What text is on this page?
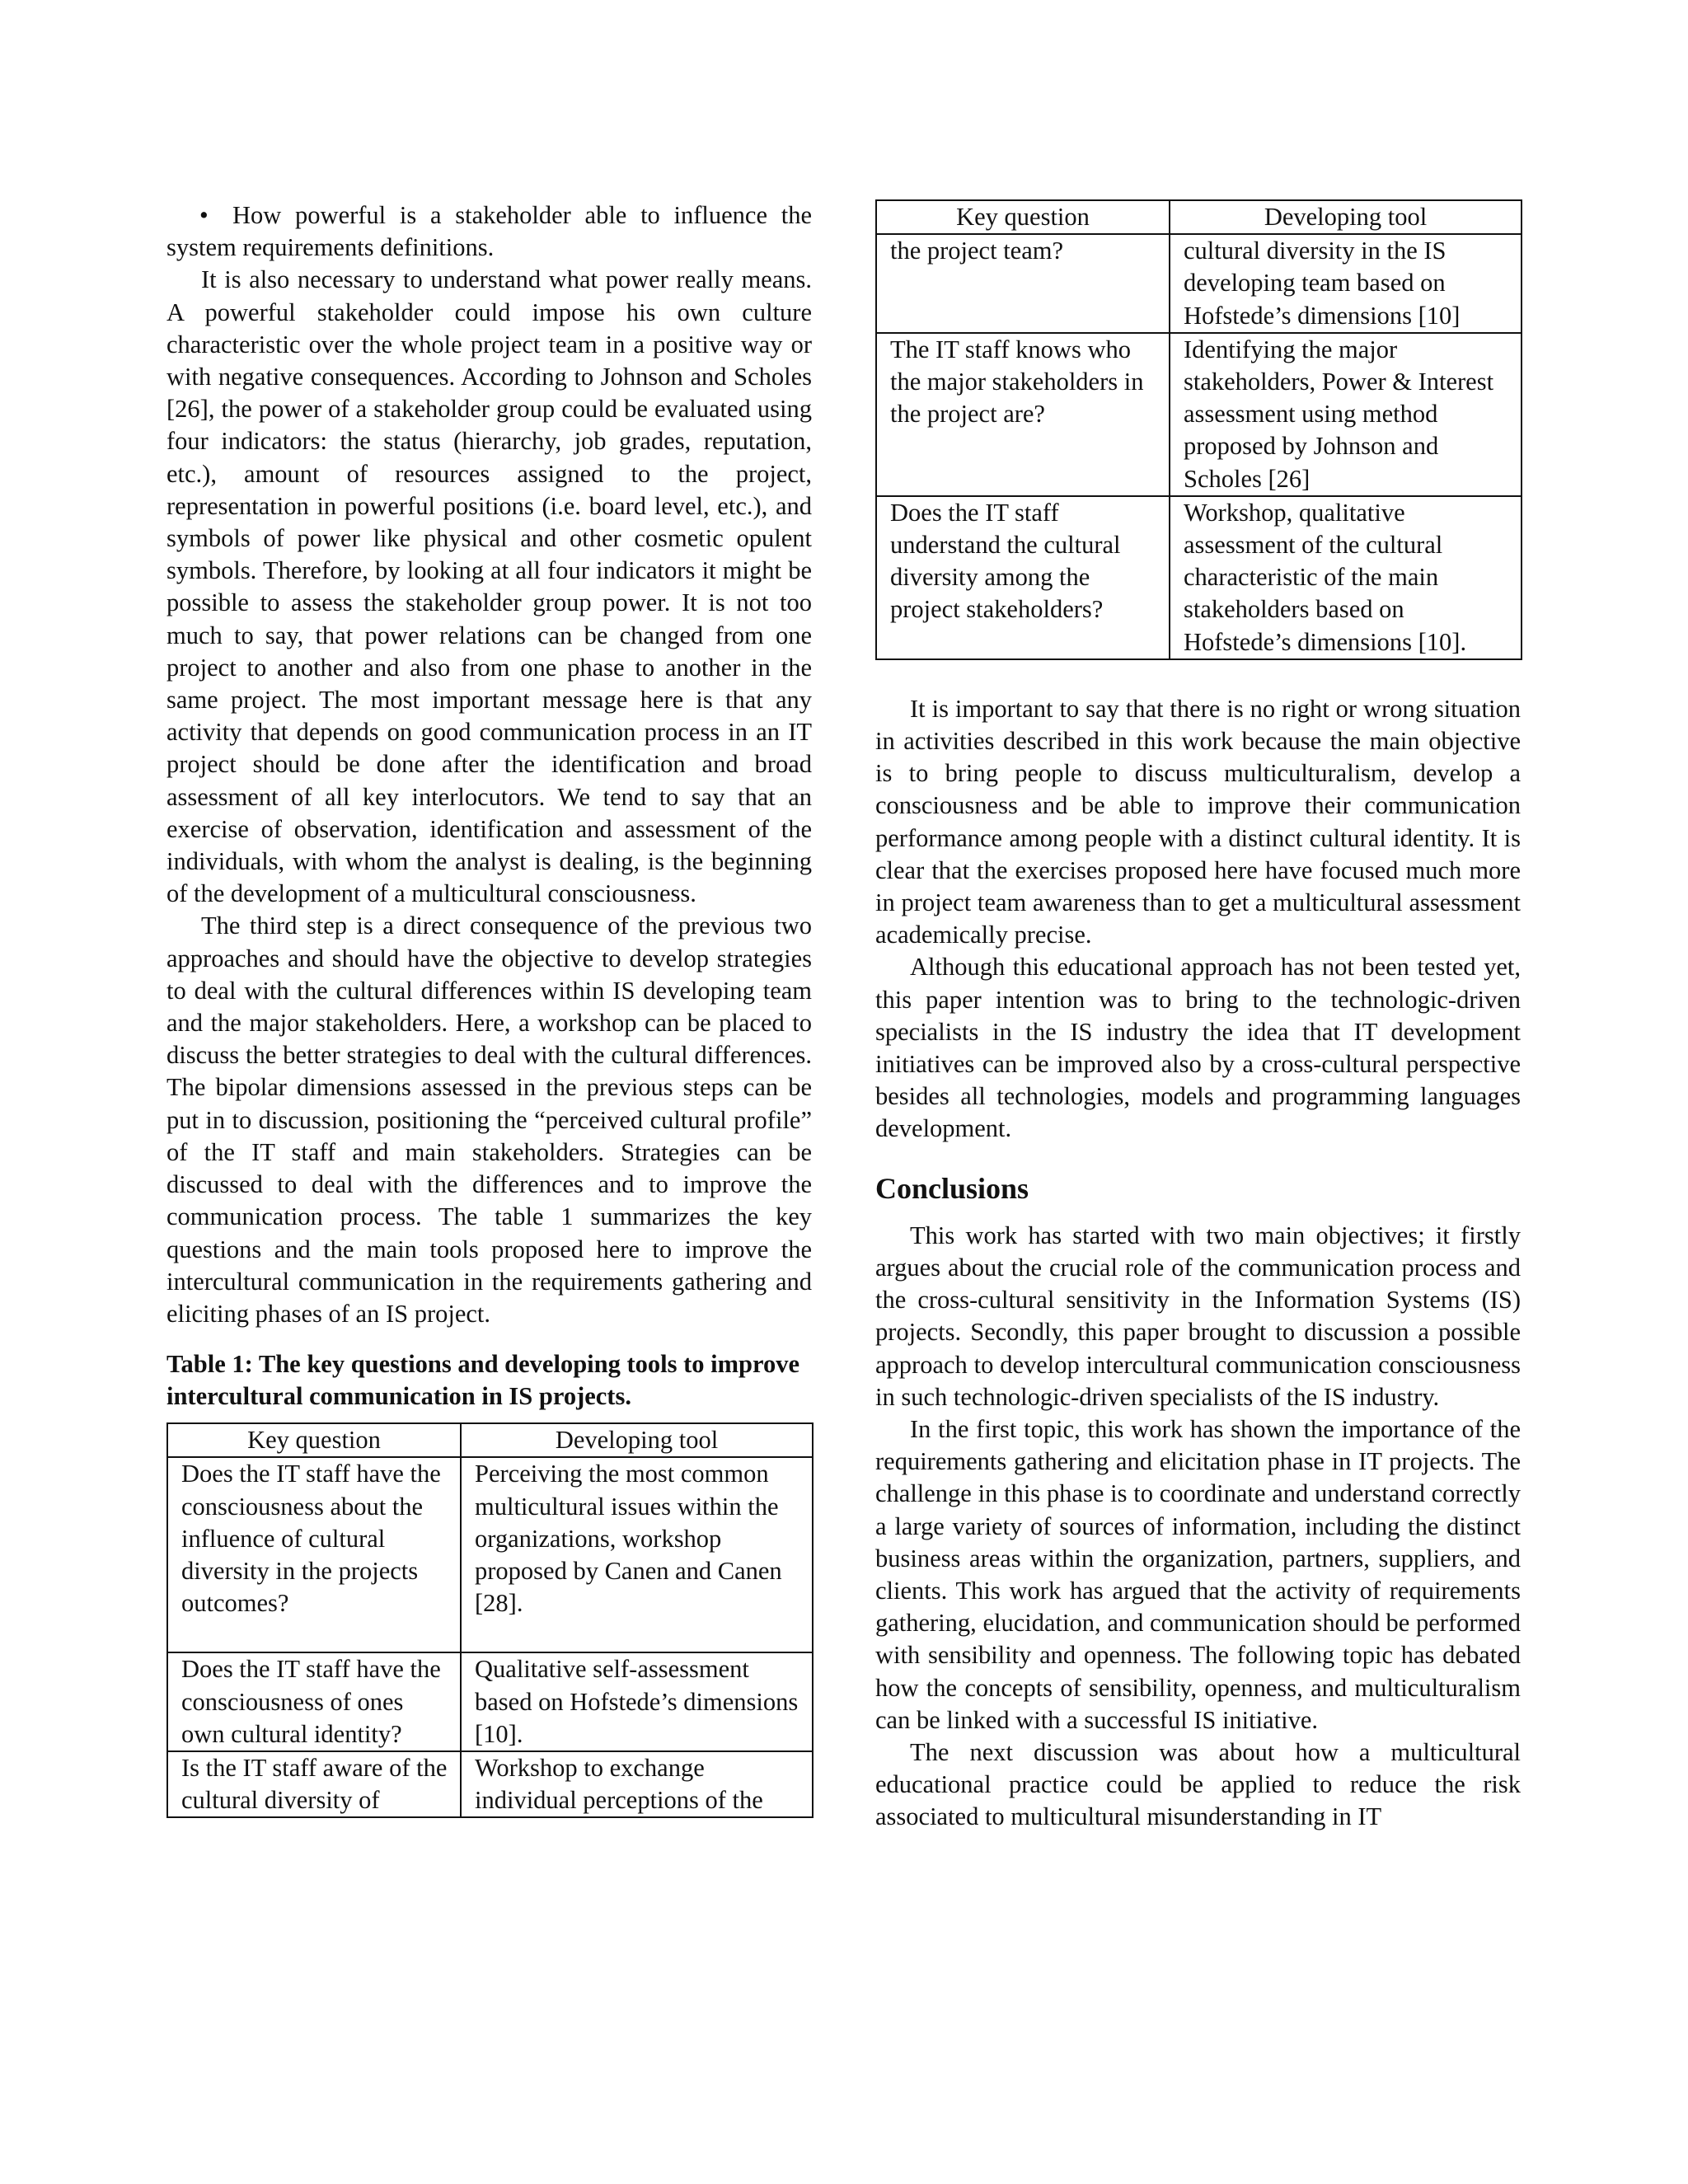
• How powerful is a stakeholder able to influence the system requirements definitions.

It is also necessary to understand what power really means. A powerful stakeholder could impose his own culture characteristic over the whole project team in a positive way or with negative consequences. According to Johnson and Scholes [26], the power of a stakeholder group could be evaluated using four indicators: the status (hierarchy, job grades, reputation, etc.), amount of resources assigned to the project, representation in powerful positions (i.e. board level, etc.), and symbols of power like physical and other cosmetic opulent symbols. Therefore, by looking at all four indicators it might be possible to assess the stakeholder group power. It is not too much to say, that power relations can be changed from one project to another and also from one phase to another in the same project. The most important message here is that any activity that depends on good communication process in an IT project should be done after the identification and broad assessment of all key interlocutors. We tend to say that an exercise of observation, identification and assessment of the individuals, with whom the analyst is dealing, is the beginning of the development of a multicultural consciousness.

The third step is a direct consequence of the previous two approaches and should have the objective to develop strategies to deal with the cultural differences within IS developing team and the major stakeholders. Here, a workshop can be placed to discuss the better strategies to deal with the cultural differences. The bipolar dimensions assessed in the previous steps can be put in to discussion, positioning the “perceived cultural profile” of the IT staff and main stakeholders. Strategies can be discussed to deal with the differences and to improve the communication process. The table 1 summarizes the key questions and the main tools proposed here to improve the intercultural communication in the requirements gathering and eliciting phases of an IS project.

Table 1: The key questions and developing tools to improve intercultural communication in IS projects.

Key question	Developing tool
Does the IT staff have the consciousness about the influence of cultural diversity in the projects outcomes?	Perceiving the most common multicultural issues within the organizations, workshop proposed by Canen and Canen [28].
Does the IT staff have the consciousness of ones own cultural identity?	Qualitative self-assessment based on Hofstede’s dimensions [10].
Is the IT staff aware of the cultural diversity of	Workshop to exchange individual perceptions of the
Key question	Developing tool
the project team?	cultural diversity in the IS developing team based on Hofstede’s dimensions [10]
The IT staff knows who the major stakeholders in the project are?	Identifying the major stakeholders, Power & Interest assessment using method proposed by Johnson and Scholes [26]
Does the IT staff understand the cultural diversity among the project stakeholders?	Workshop, qualitative assessment of the cultural characteristic of the main stakeholders based on Hofstede’s dimensions [10].

It is important to say that there is no right or wrong situation in activities described in this work because the main objective is to bring people to discuss multiculturalism, develop a consciousness and be able to improve their communication performance among people with a distinct cultural identity. It is clear that the exercises proposed here have focused much more in project team awareness than to get a multicultural assessment academically precise.

Although this educational approach has not been tested yet, this paper intention was to bring to the technologic-driven specialists in the IS industry the idea that IT development initiatives can be improved also by a cross-cultural perspective besides all technologies, models and programming languages development.

Conclusions

This work has started with two main objectives; it firstly argues about the crucial role of the communication process and the cross-cultural sensitivity in the Information Systems (IS) projects. Secondly, this paper brought to discussion a possible approach to develop intercultural communication consciousness in such technologic-driven specialists of the IS industry.

In the first topic, this work has shown the importance of the requirements gathering and elicitation phase in IT projects. The challenge in this phase is to coordinate and understand correctly a large variety of sources of information, including the distinct business areas within the organization, partners, suppliers, and clients. This work has argued that the activity of requirements gathering, elucidation, and communication should be performed with sensibility and openness. The following topic has debated how the concepts of sensibility, openness, and multiculturalism can be linked with a successful IS initiative.

The next discussion was about how a multicultural educational practice could be applied to reduce the risk associated to multicultural misunderstanding in IT
